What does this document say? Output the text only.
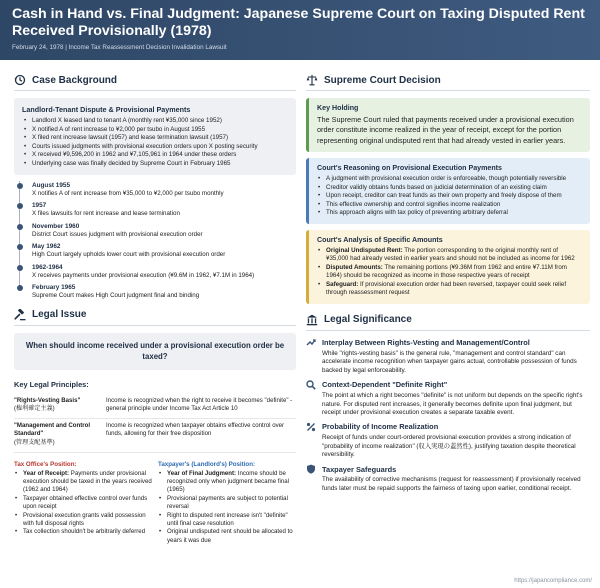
Cash in Hand vs. Final Judgment: Japanese Supreme Court on Taxing Disputed Rent Received Provisionally (1978)
February 24, 1978 | Income Tax Reassessment Decision Invalidation Lawsuit
Case Background
Landlord-Tenant Dispute & Provisional Payments
• Landlord X leased land to tenant A (monthly rent ¥35,000 since 1952)
• X notified A of rent increase to ¥2,000 per tsubo in August 1955
• X filed rent increase lawsuit (1957) and lease termination lawsuit (1957)
• Courts issued judgments with provisional execution orders upon X posting security
• X received ¥9,596,200 in 1962 and ¥7,105,961 in 1964 under these orders
• Underlying case was finally decided by Supreme Court in February 1965
August 1955
X notifies A of rent increase from ¥35,000 to ¥2,000 per tsubo monthly
1957
X files lawsuits for rent increase and lease termination
November 1960
District Court issues judgment with provisional execution order
May 1962
High Court largely upholds lower court with provisional execution order
1962-1964
X receives payments under provisional execution (¥9.6M in 1962, ¥7.1M in 1964)
February 1965
Supreme Court makes High Court judgment final and binding
Legal Issue
When should income received under a provisional execution order be taxed?
Key Legal Principles:
"Rights-Vesting Basis"
(権利確定主義)
Income is recognized when the right to receive it becomes "definite" - general principle under Income Tax Act Article 10
"Management and Control Standard"
(管理支配基準)
Income is recognized when taxpayer obtains effective control over funds, allowing for their free disposition
Tax Office's Position:
• Year of Receipt: Payments under provisional execution should be taxed in the years received (1962 and 1964)
• Taxpayer obtained effective control over funds upon receipt
• Provisional execution grants valid possession with full disposal rights
• Tax collection shouldn't be arbitrarily deferred
Taxpayer's (Landlord's) Position:
• Year of Final Judgment: Income should be recognized only when judgment became final (1965)
• Provisional payments are subject to potential reversal
• Right to disputed rent increase isn't "definite" until final case resolution
• Original undisputed rent should be allocated to years it was due
Supreme Court Decision
Key Holding
The Supreme Court ruled that payments received under a provisional execution order constitute income realized in the year of receipt, except for the portion representing original undisputed rent that had already vested in earlier years.
Court's Reasoning on Provisional Execution Payments
• A judgment with provisional execution order is enforceable, though potentially reversible
• Creditor validly obtains funds based on judicial determination of an existing claim
• Upon receipt, creditor can treat funds as their own property and freely dispose of them
• This effective ownership and control signifies income realization
• This approach aligns with tax policy of preventing arbitrary deferral
Court's Analysis of Specific Amounts
• Original Undisputed Rent: The portion corresponding to the original monthly rent of ¥35,000 had already vested in earlier years and should not be included as income for 1962
• Disputed Amounts: The remaining portions (¥9.36M from 1962 and entire ¥7.11M from 1964) should be recognized as income in those respective years of receipt
• Safeguard: If provisional execution order had been reversed, taxpayer could seek relief through reassessment request
Legal Significance
Interplay Between Rights-Vesting and Management/Control
While "rights-vesting basis" is the general rule, "management and control standard" can accelerate income recognition when taxpayer gains actual, controllable possession of funds backed by legal enforceability.
Context-Dependent "Definite Right"
The point at which a right becomes "definite" is not uniform but depends on the specific right's nature. For disputed rent increases, it generally becomes definite upon final judgment, but receipt under provisional execution creates a separate taxable event.
Probability of Income Realization
Receipt of funds under court-ordered provisional execution provides a strong indication of "probability of income realization" (収入実現の蓋然性), justifying taxation despite theoretical reversibility.
Taxpayer Safeguards
The availability of corrective mechanisms (request for reassessment) if provisionally received funds later must be repaid supports the fairness of taxing upon earlier, conditional receipt.
https://japancompliance.com/
